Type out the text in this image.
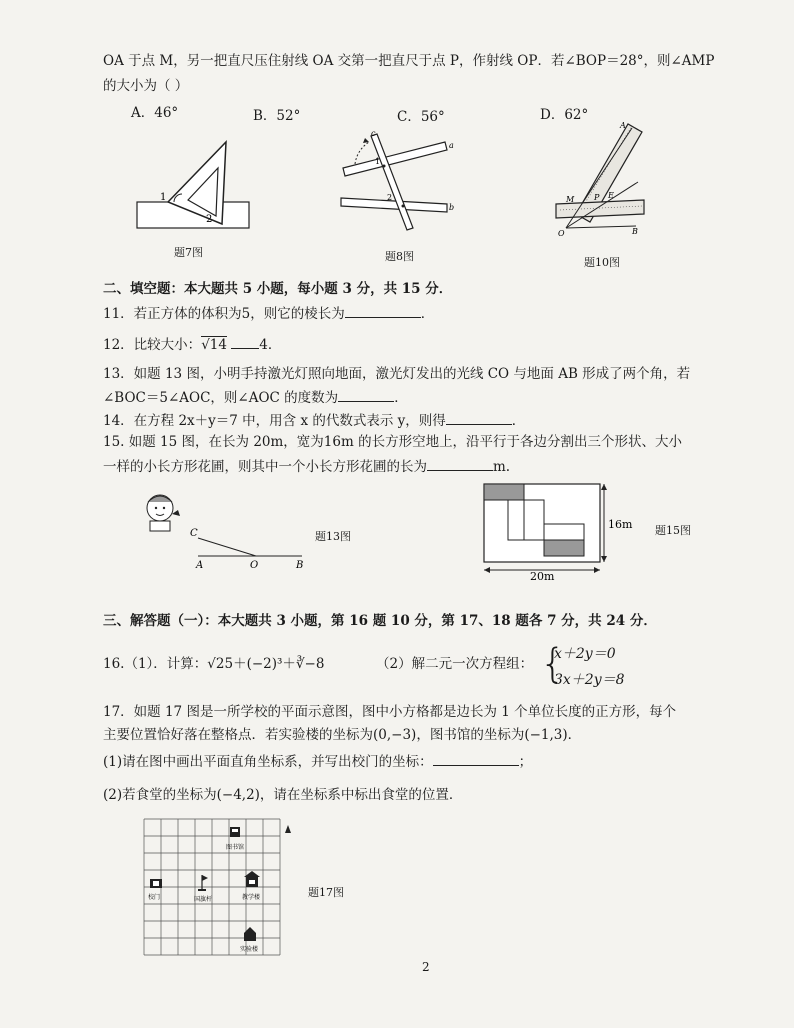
OA 于点 M，另一把直尺压住射线 OA 交第一把直尺于点 P，作射线 OP．若∠BOP＝28°，则∠AMP
的大小为（ ）
A．46°	B．52°	C．56°	D．62°
1
2
题7图
c
a
1
2
b
题8图
A
M P E
O	B
题10图
二、填空题：本大题共 5 小题，每小题 3 分，共 15 分．
11．若正方体的体积为5，则它的棱长为	．
12．比较大小：√14 4．
13．如题 13 图，小明手持激光灯照向地面，激光灯发出的光线 CO 与地面 AB 形成了两个角，若
∠BOC＝5∠AOC，则∠AOC 的度数为	．
14．在方程 2x＋y＝7 中，用含 x 的代数式表示 y，则得	．
15. 如题 15 图，在长为 20m，宽为16m 的长方形空地上，沿平行于各边分割出三个形状、大小
一样的小长方形花圃，则其中一个小长方形花圃的长为	m.
C
A	O	B
题13图
16m
20m
题15图
三、解答题（一）：本大题共 3 小题，第 16 题 10 分，第 17、18 题各 7 分，共 24 分．
16.（1）．计算：√25＋(−2)³＋∛−8	（2）解二元一次方程组： {
x＋2y＝0
3x＋2y＝8
17．如题 17 图是一所学校的平面示意图，图中小方格都是边长为 1 个单位长度的正方形，每个
主要位置恰好落在整格点．若实验楼的坐标为(0,−3)，图书馆的坐标为(−1,3)．
(1)请在图中画出平面直角坐标系，并写出校门的坐标：	；
(2)若食堂的坐标为(−4,2)，请在坐标系中标出食堂的位置．
图书馆
校门	国旗杆	教学楼
实验楼
题17图
2
